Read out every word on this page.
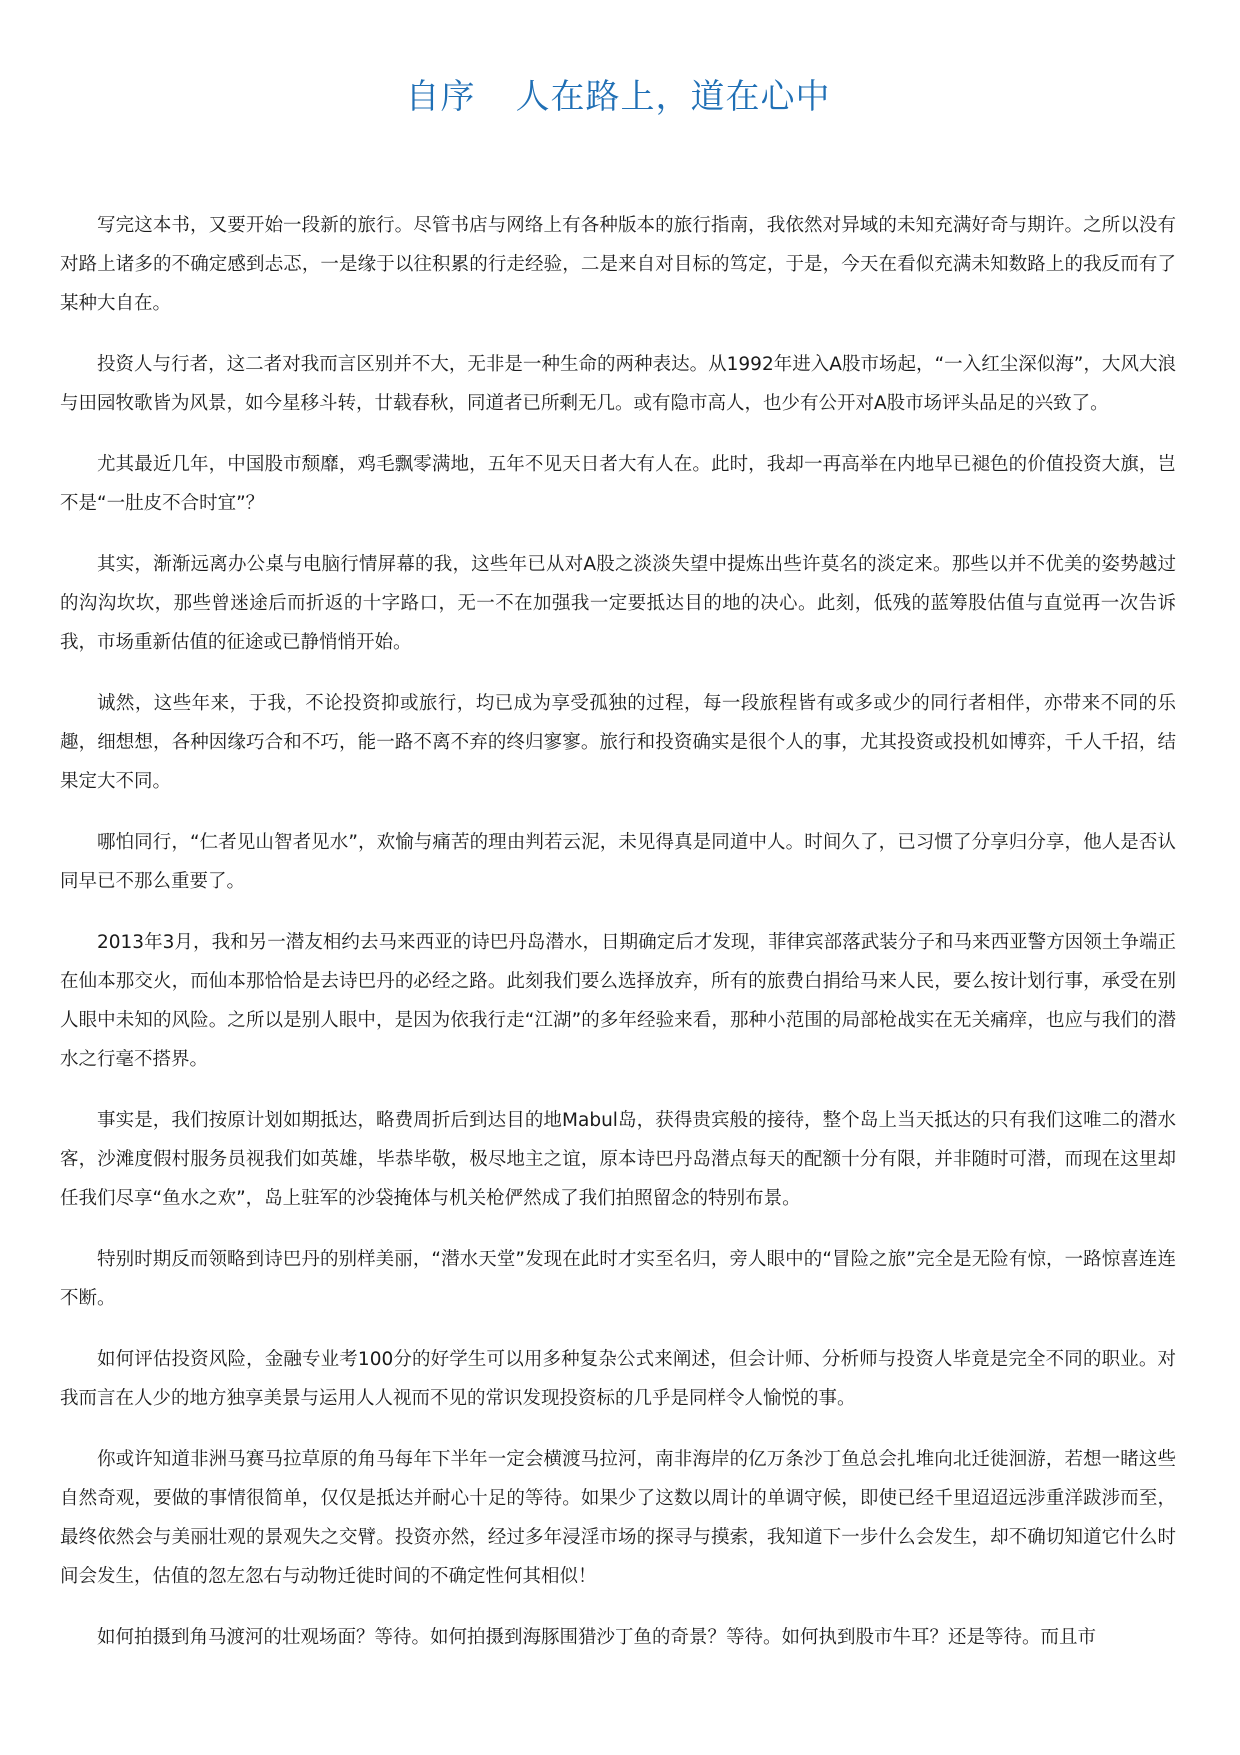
自序 人在路上，道在心中

写完这本书，又要开始一段新的旅行。尽管书店与网络上有各种版本的旅行指南，我依然对异域的未知充满好奇与期许。之所以没有对路上诸多的不确定感到忐忑，一是缘于以往积累的行走经验，二是来自对目标的笃定，于是，今天在看似充满未知数路上的我反而有了某种大自在。

投资人与行者，这二者对我而言区别并不大，无非是一种生命的两种表达。从1992年进入A股市场起，“一入红尘深似海”，大风大浪与田园牧歌皆为风景，如今星移斗转，廿载春秋，同道者已所剩无几。或有隐市高人，也少有公开对A股市场评头品足的兴致了。

尤其最近几年，中国股市颓靡，鸡毛飘零满地，五年不见天日者大有人在。此时，我却一再高举在内地早已褪色的价值投资大旗，岂不是“一肚皮不合时宜”？

其实，渐渐远离办公桌与电脑行情屏幕的我，这些年已从对A股之淡淡失望中提炼出些许莫名的淡定来。那些以并不优美的姿势越过的沟沟坎坎，那些曾迷途后而折返的十字路口，无一不在加强我一定要抵达目的地的决心。此刻，低残的蓝筹股估值与直觉再一次告诉我，市场重新估值的征途或已静悄悄开始。

诚然，这些年来，于我，不论投资抑或旅行，均已成为享受孤独的过程，每一段旅程皆有或多或少的同行者相伴，亦带来不同的乐趣，细想想，各种因缘巧合和不巧，能一路不离不弃的终归寥寥。旅行和投资确实是很个人的事，尤其投资或投机如博弈，千人千招，结果定大不同。

哪怕同行，“仁者见山智者见水”，欢愉与痛苦的理由判若云泥，未见得真是同道中人。时间久了，已习惯了分享归分享，他人是否认同早已不那么重要了。

2013年3月，我和另一潜友相约去马来西亚的诗巴丹岛潜水，日期确定后才发现，菲律宾部落武装分子和马来西亚警方因领土争端正在仙本那交火，而仙本那恰恰是去诗巴丹的必经之路。此刻我们要么选择放弃，所有的旅费白捐给马来人民，要么按计划行事，承受在别人眼中未知的风险。之所以是别人眼中，是因为依我行走“江湖”的多年经验来看，那种小范围的局部枪战实在无关痛痒，也应与我们的潜水之行毫不搭界。

事实是，我们按原计划如期抵达，略费周折后到达目的地Mabul岛，获得贵宾般的接待，整个岛上当天抵达的只有我们这唯二的潜水客，沙滩度假村服务员视我们如英雄，毕恭毕敬，极尽地主之谊，原本诗巴丹岛潜点每天的配额十分有限，并非随时可潜，而现在这里却任我们尽享“鱼水之欢”，岛上驻军的沙袋掩体与机关枪俨然成了我们拍照留念的特别布景。

特别时期反而领略到诗巴丹的别样美丽，“潜水天堂”发现在此时才实至名归，旁人眼中的“冒险之旅”完全是无险有惊，一路惊喜连连不断。

如何评估投资风险，金融专业考100分的好学生可以用多种复杂公式来阐述，但会计师、分析师与投资人毕竟是完全不同的职业。对我而言在人少的地方独享美景与运用人人视而不见的常识发现投资标的几乎是同样令人愉悦的事。

你或许知道非洲马赛马拉草原的角马每年下半年一定会横渡马拉河，南非海岸的亿万条沙丁鱼总会扎堆向北迁徙洄游，若想一睹这些自然奇观，要做的事情很简单，仅仅是抵达并耐心十足的等待。如果少了这数以周计的单调守候，即使已经千里迢迢远涉重洋跋涉而至，最终依然会与美丽壮观的景观失之交臂。投资亦然，经过多年浸淫市场的探寻与摸索，我知道下一步什么会发生，却不确切知道它什么时间会发生，估值的忽左忽右与动物迁徙时间的不确定性何其相似！

如何拍摄到角马渡河的壮观场面？等待。如何拍摄到海豚围猎沙丁鱼的奇景？等待。如何执到股市牛耳？还是等待。而且市
